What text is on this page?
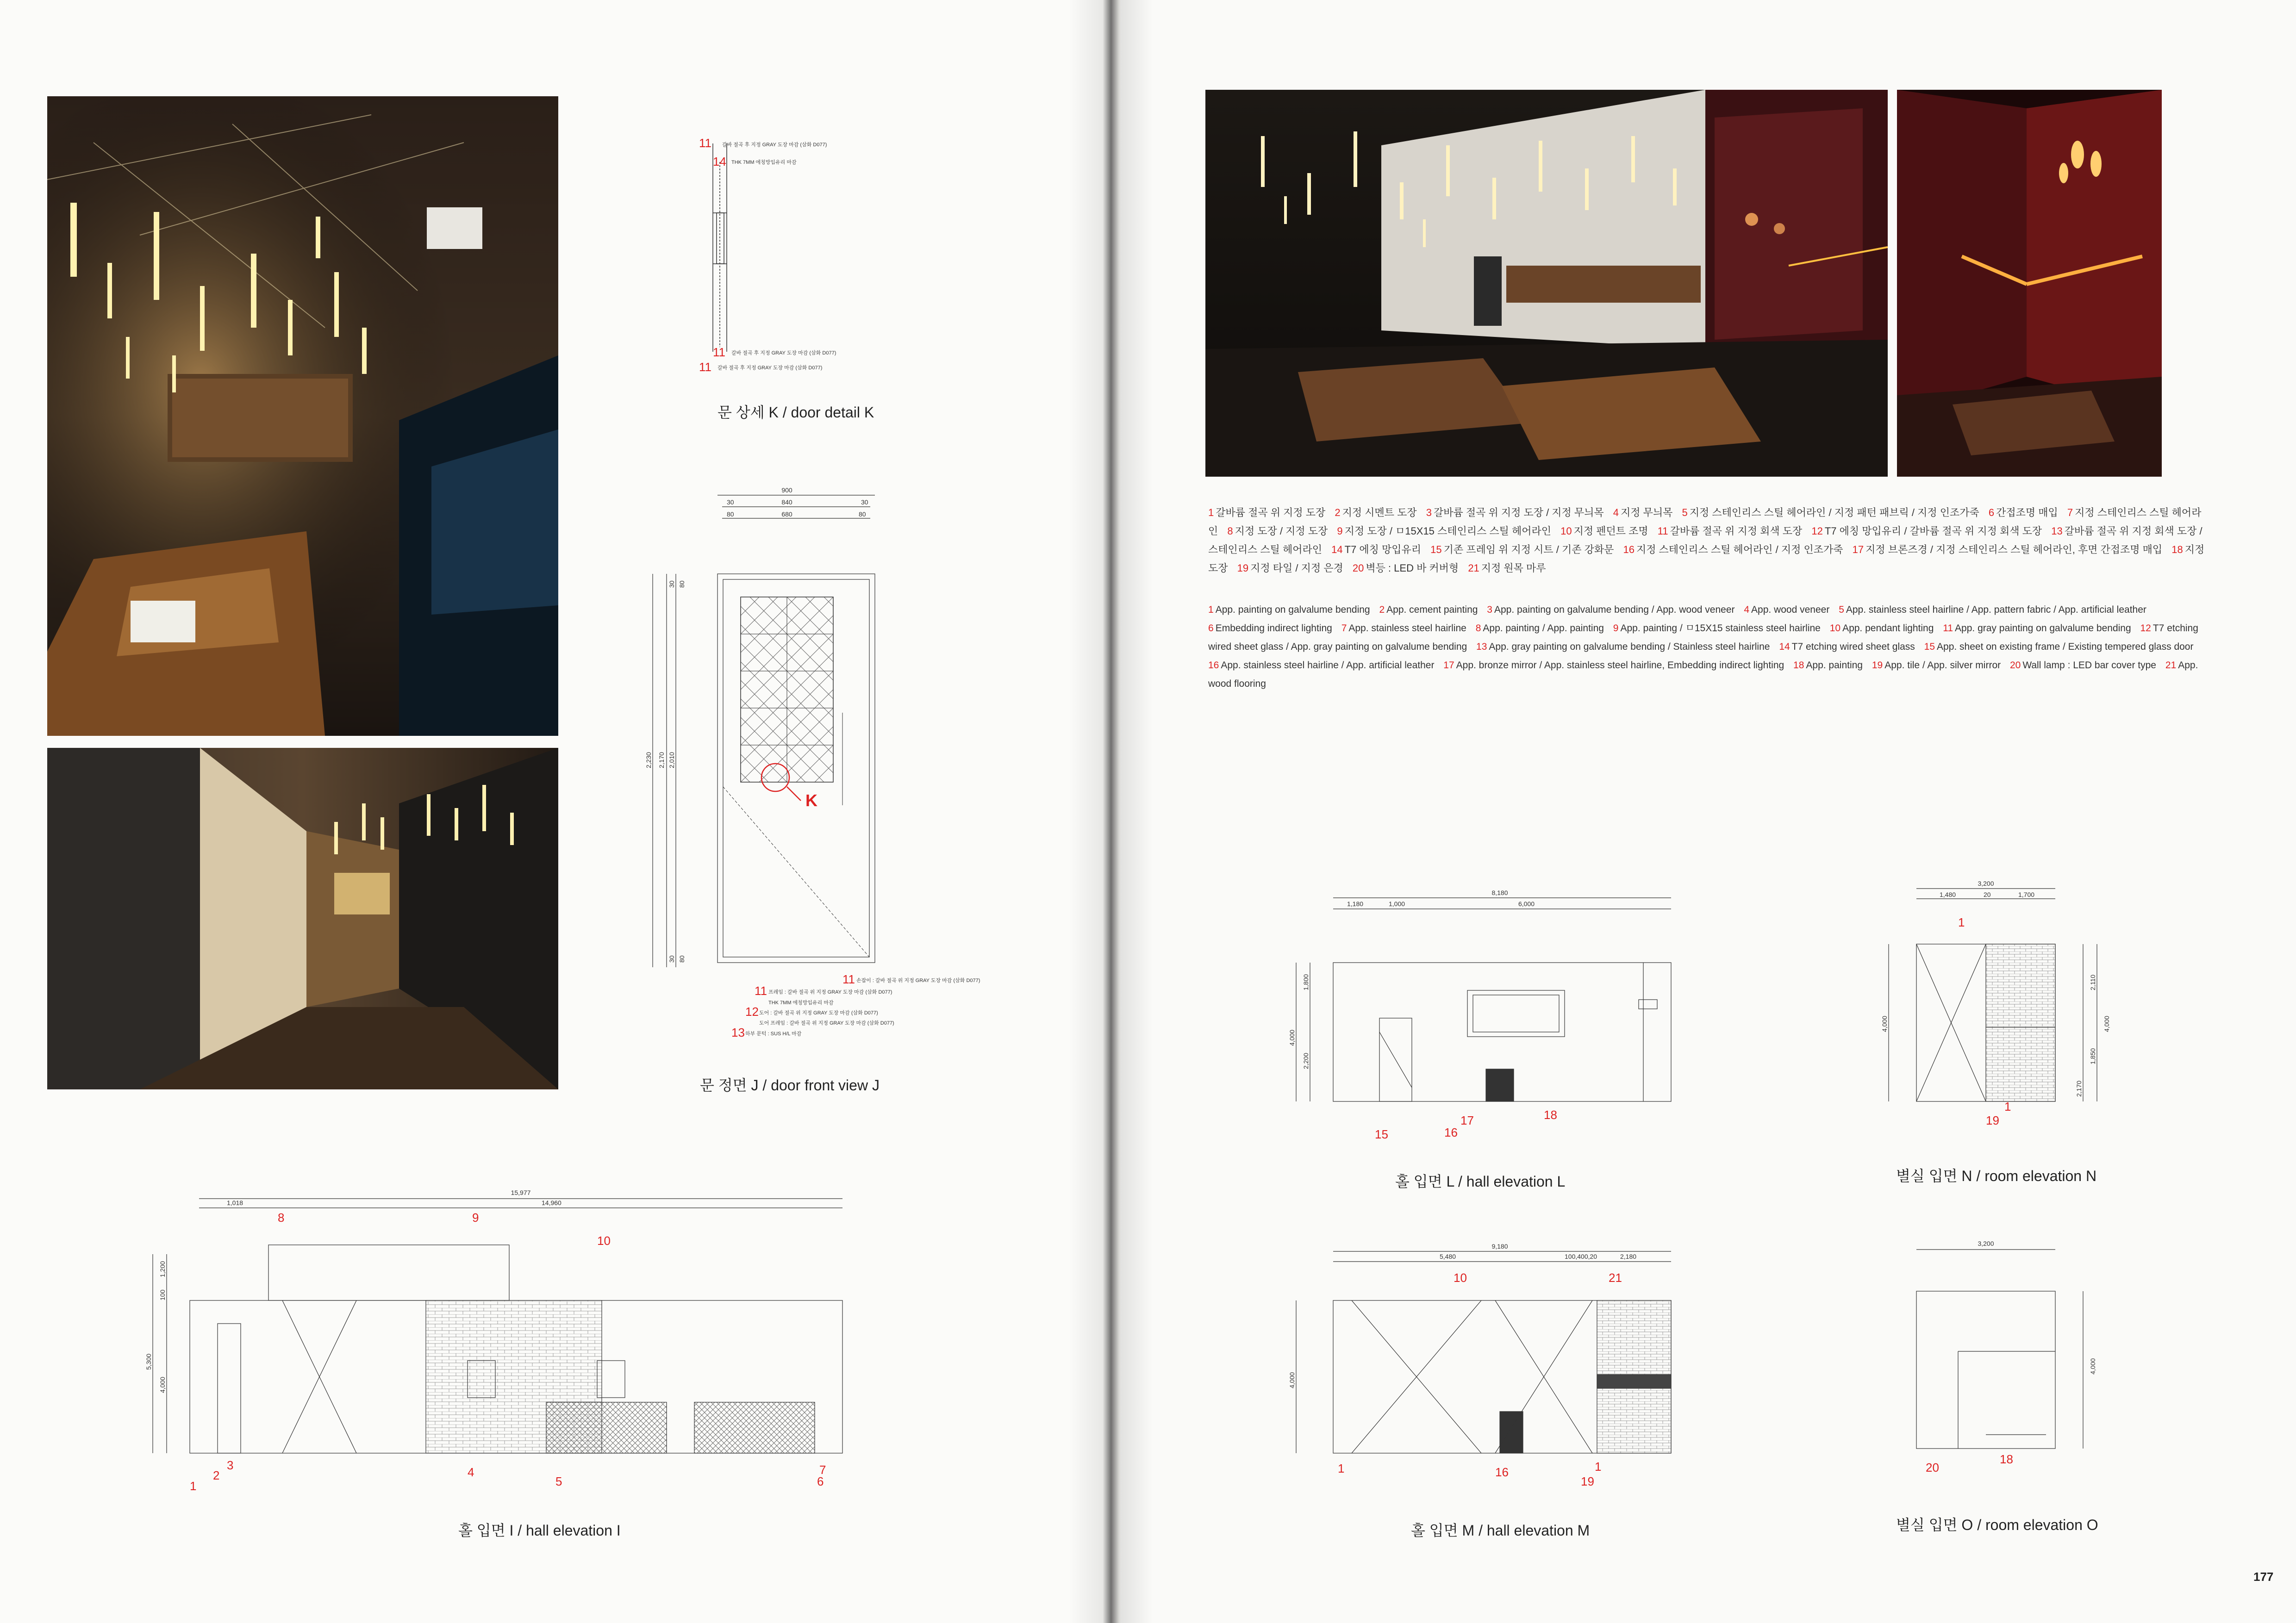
11 갈바 절곡 후 지정 GRAY 도장 마감 (삼화 D077)
14 THK 7MM 에칭망입유리 마감
11 갈바 절곡 후 지정 GRAY 도장 마감 (삼화 D077)
11 갈바 절곡 후 지정 GRAY 도장 마감 (삼화 D077)
문 상세 K / door detail K
K
900
840
30	30
80	680	80
2,230 2,170 2,010
30 80
30 80
11 손잡이 : 갈바 절곡 위 지정 GRAY 도장 마감 (삼화 D077)
11 프레임 : 갈바 절곡 위 지정 GRAY 도장 마감 (삼화 D077)
THK 7MM 에칭망입유리 마감
12 도어 : 갈바 절곡 위 지정 GRAY 도장 마감 (삼화 D077)
도어 프레임 : 갈바 절곡 위 지정 GRAY 도장 마감 (삼화 D077)
13 하부 문턱 : SUS H/L 마감
문 정면 J / door front view J
15,977
1,018	14,960
1,200
100
5,300
4,000
8	9
10
3
2
1
4
5
7
6
홀 입면 I / hall elevation I
1 갈바륨 절곡 위 지정 도장 2 지정 시멘트 도장 3 갈바륨 절곡 위 지정 도장 / 지정 무늬목 4 지정 무늬목 5 지정 스테인리스 스틸 헤어라인 / 지정 패턴 패브릭 / 지정 인조가죽 6 간접조명 매입 7 지정 스테인리스 스틸 헤어라인 8 지정 도장 / 지정 도장 9 지정 도장 / ㅁ15X15 스테인리스 스틸 헤어라인 10 지정 펜던트 조명 11 갈바륨 절곡 위 지정 회색 도장 12 T7 에칭 망입유리 / 갈바륨 절곡 위 지정 회색 도장 13 갈바륨 절곡 위 지정 회색 도장 / 스테인리스 스틸 헤어라인 14 T7 에칭 망입유리 15 기존 프레임 위 지정 시트 / 기존 강화문 16 지정 스테인리스 스틸 헤어라인 / 지정 인조가죽 17 지정 브론즈경 / 지정 스테인리스 스틸 헤어라인, 후면 간접조명 매입 18 지정 도장 19 지정 타일 / 지정 은경 20 벽등 : LED 바 커버형 21 지정 원목 마루
1 App. painting on galvalume bending 2 App. cement painting 3 App. painting on galvalume bending / App. wood veneer 4 App. wood veneer 5 App. stainless steel hairline / App. pattern fabric / App. artificial leather 6 Embedding indirect lighting 7 App. stainless steel hairline 8 App. painting / App. painting 9 App. painting / ㅁ15X15 stainless steel hairline 10 App. pendant lighting 11 App. gray painting on galvalume bending 12 T7 etching wired sheet glass / App. gray painting on galvalume bending 13 App. gray painting on galvalume bending / Stainless steel hairline 14 T7 etching wired sheet glass 15 App. sheet on existing frame / Existing tempered glass door 16 App. stainless steel hairline / App. artificial leather 17 App. bronze mirror / App. stainless steel hairline, Embedding indirect lighting 18 App. painting 19 App. tile / App. silver mirror 20 Wall lamp : LED bar cover type 21 App. wood flooring
8,180
1,180	1,000	6,000
1,800
4,000
2,200
18
17
16
15
홀 입면 L / hall elevation L
3,200
1,480	20	1,700
2,110
4,000
1,850
4,000
2,170
1
1
19
별실 입면 N / room elevation N
9,180
5,480	100,400,20	2,180
4,000
10	21
1	16	1
19
홀 입면 M / hall elevation M
3,200
4,000
20
18
별실 입면 O / room elevation O
177
